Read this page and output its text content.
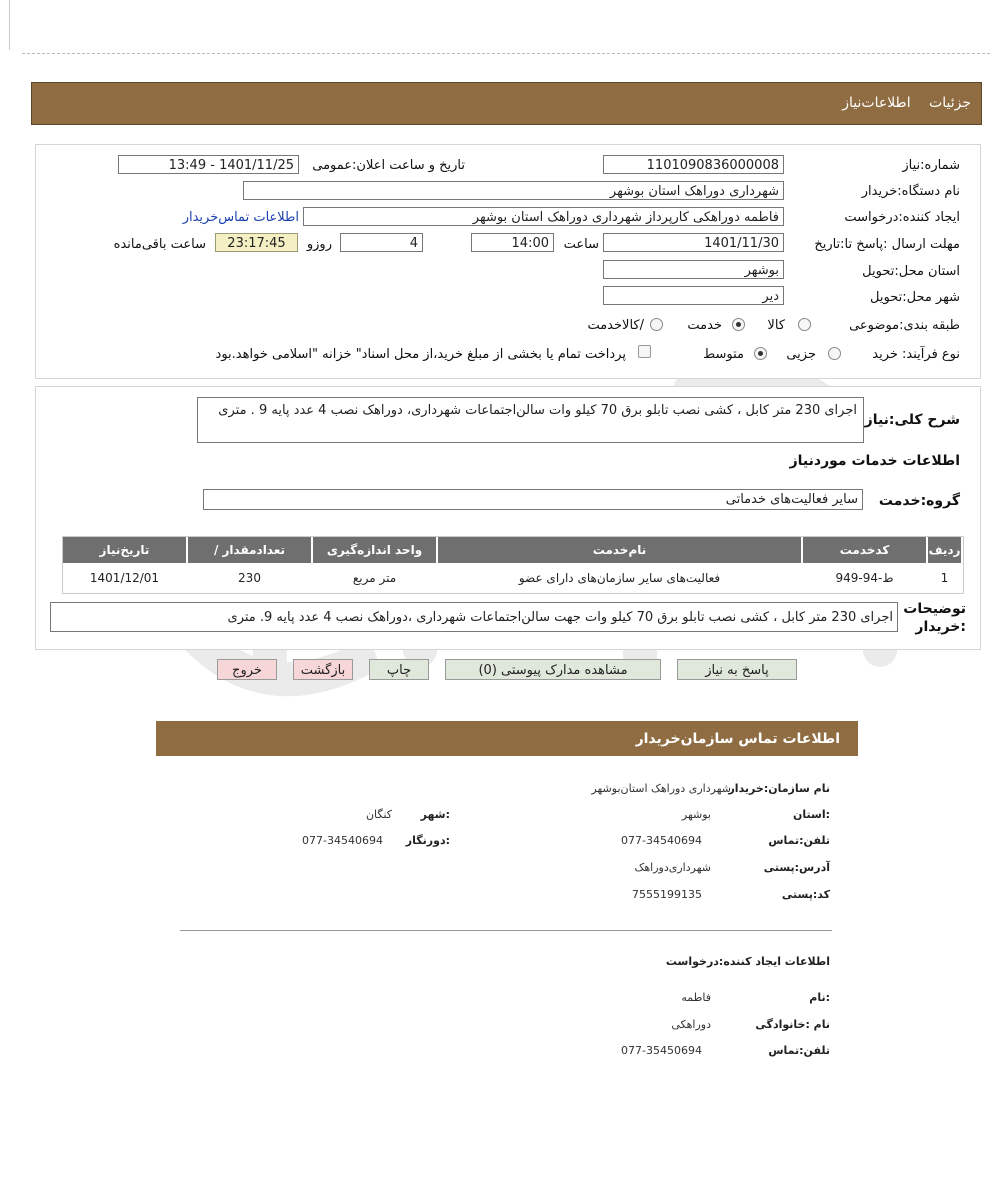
جزئیات اطلاعات‌نیاز
شماره:نیاز
1101090836000008
تاریخ و ساعت اعلان:عمومی
1401/11/25 - 13:49
نام دستگاه:خریدار
شهرداری دوراهک استان بوشهر
ایجاد کننده:درخواست
فاطمه دوراهکی کارپرداز شهرداری دوراهک استان بوشهر
اطلاعات تماس‌خریدار
مهلت ارسال :پاسخ تا:تاریخ
1401/11/30
ساعت
14:00
4
روزو
23:17:45
ساعت باقی‌مانده
استان محل:تحویل
بوشهر
شهر محل:تحویل
دیر
طبقه بندی:موضوعی
کالا
خدمت
/کالاخدمت
نوع فرآیند: خرید
جزیی
متوسط
پرداخت تمام یا بخشی از مبلغ خرید،از محل اسناد" خزانه "اسلامی خواهد.بود
شرح کلی:نیاز
اجرای 230 متر کابل ، کشی نصب تابلو برق 70 کیلو وات سالن‌اجتماعات شهرداری، دوراهک نصب 4 عدد پایه 9 . متری
اطلاعات خدمات موردنیاز
گروه:خدمت
سایر فعالیت‌های خدماتی
ردیف
کدخدمت
نام‌خدمت
واحد اندازه‌گیری
/ تعدادمقدار
تاریخ‌نیاز
1
ط-94-949
فعالیت‌های سایر سازمان‌های دارای عضو
متر مربع
230
1401/12/01
توضیحات
:خریدار
اجرای 230 متر کابل ، کشی نصب تابلو برق 70 کیلو وات جهت سالن‌اجتماعات شهرداری ،دوراهک نصب 4 عدد پایه 9. متری
پاسخ به نیاز
مشاهده مدارک پیوستی (0)
چاپ
بازگشت
خروج
اطلاعات تماس سازمان‌خریدار
نام سازمان:خریدار
شهرداری دوراهک استان‌بوشهر
:استان
بوشهر
:شهر
کنگان
تلفن:تماس
077-34540694
:دورنگار
077-34540694
آدرس:پستی
شهرداری‌دوراهک
کد:پستی
7555199135
اطلاعات ایجاد کننده:درخواست
:نام
فاطمه
نام :خانوادگی
دوراهکی
تلفن:تماس
077-35450694
